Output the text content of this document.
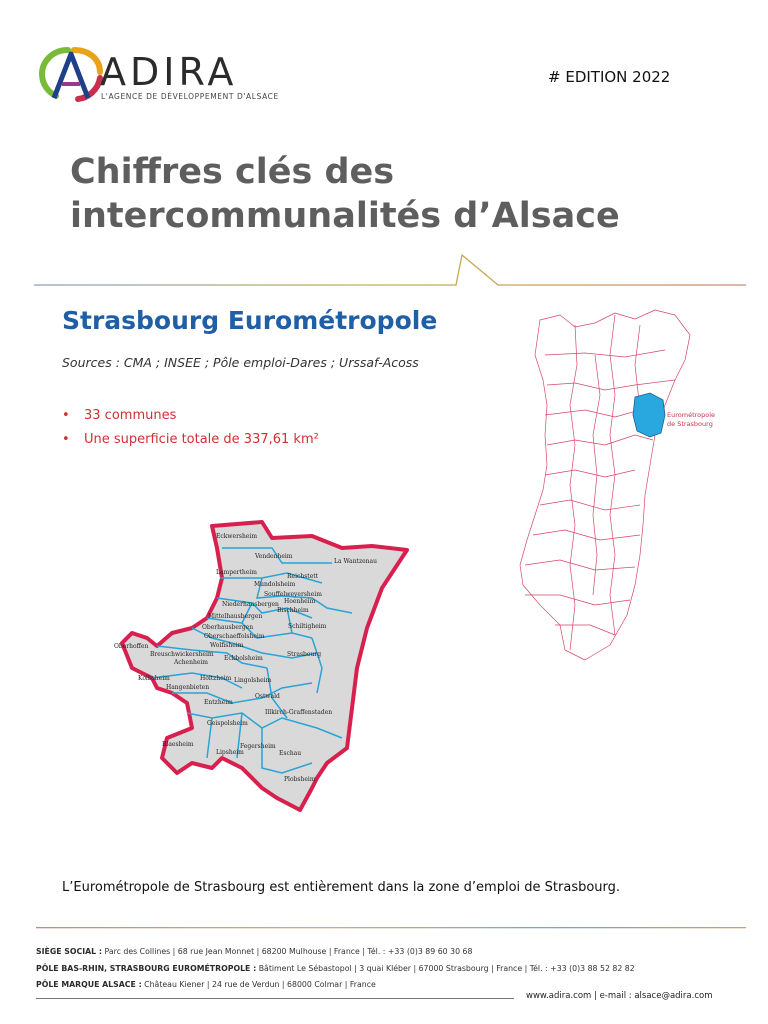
ADIRA
L'AGENCE DE DÉVELOPPEMENT D'ALSACE
# EDITION 2022
Chiffres clés des
intercommunalités d’Alsace
Strasbourg Eurométropole
Sources : CMA ; INSEE ; Pôle emploi-Dares ; Urssaf-Acoss
• 33 communes
• Une superficie totale de 337,61 km²
Eurométropole
de Strasbourg
Eckwersheim
Vendenheim
La Wantzenau
Lampertheim
Reichstett
Mundolsheim
Souffelweyersheim
Hoenheim
Niederhausbergen
Bischheim
Mittelhausbergen
Schiltigheim
Oberhausbergen
Oberschaeffolsheim
Strasbourg
Wolfisheim
Oberhoffen
Breuschwickersheim
Achenheim
Eckbolsheim
Kolbsheim	Holtzheim Lingolsheim
Hangenbieten
Entzheim
Ostwald
Illkirch-Graffenstaden
Geispolsheim
Blaesheim
Lipsheim
Fegersheim
Eschau
Plobsheim
L’Eurométropole de Strasbourg est entièrement dans la zone d’emploi de Strasbourg.
SIÈGE SOCIAL : Parc des Collines | 68 rue Jean Monnet | 68200 Mulhouse | France | Tél. : +33 (0)3 89 60 30 68
PÔLE BAS-RHIN, STRASBOURG EUROMÉTROPOLE : Bâtiment Le Sébastopol | 3 quai Kléber | 67000 Strasbourg | France | Tél. : +33 (0)3 88 52 82 82
PÔLE MARQUE ALSACE : Château Kiener | 24 rue de Verdun | 68000 Colmar | France
www.adira.com | e-mail : alsace@adira.com
